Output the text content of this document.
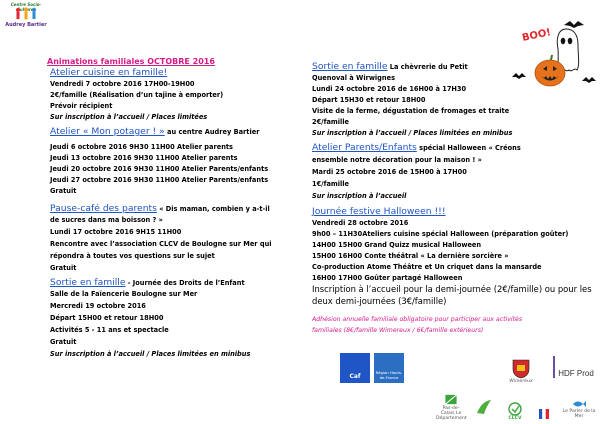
Centre Socio- ulturel
Audrey Bartier
Animations familiales OCTOBRE 2016
Atelier cuisine en famille!
Vendredi 7 octobre 2016 17H00-19H00
2€/famille (Réalisation d’un tajine à emporter)
Prévoir récipient
Sur inscription à l’accueil / Places limitées
Atelier « Mon potager ! » au centre Audrey Bartier
Jeudi 6 octobre 2016 9H30 11H00 Atelier parents
Jeudi 13 octobre 2016 9H30 11H00 Atelier parents
Jeudi 20 octobre 2016 9H30 11H00 Atelier Parents/enfants
Jeudi 27 octobre 2016 9H30 11H00 Atelier Parents/enfants
Gratuit
Pause-café des parents « Dis maman, combien y a-t-il
de sucres dans ma boisson ? »
Lundi 17 octobre 2016 9H15 11H00
Rencontre avec l’association CLCV de Boulogne sur Mer qui
répondra à toutes vos questions sur le sujet
Gratuit
Sortie en famille - Journée des Droits de l’Enfant
Salle de la Faïencerie Boulogne sur Mer
Mercredi 19 octobre 2016
Départ 15H00 et retour 18H00
Activités 5 - 11 ans et spectacle
Gratuit
Sur inscription à l’accueil / Places limitées en minibus
Sortie en famille La chèvrerie du Petit
Quenoval à Wirwignes
Lundi 24 octobre 2016 de 16H00 à 17H30
Départ 15H30 et retour 18H00
Visite de la ferme, dégustation de fromages et traite
2€/famille
Sur inscription à l’accueil / Places limitées en minibus
Atelier Parents/Enfants spécial Halloween « Créons
ensemble notre décoration pour la maison ! »
Mardi 25 octobre 2016 de 15H00 à 17H00
1€/famille
Sur inscription à l’accueil
Journée festive Halloween !!!
Vendredi 28 octobre 2016
9h00 – 11H30Ateliers cuisine spécial Halloween (préparation goûter)
14H00 15H00 Grand Quizz musical Halloween
15H00 16H00 Conte théâtral « La dernière sorcière »
Co-production Atome Théâtre et Un criquet dans la mansarde
16H00 17H00 Goûter partagé Halloween
Inscription à l’accueil pour la demi-journée (2€/famille) ou pour les
deux demi-journées (3€/famille)
Adhésion annuelle familiale obligatoire pour participer aux activités
familiales (8€/famille Wimereux / 6€/famille extérieurs)
BOO!
Caf
Région Hauts-de-France
Wimereux
HDF Prod
Pas-de-Calais Le Département	CLCV
Le Parler de la Mer
